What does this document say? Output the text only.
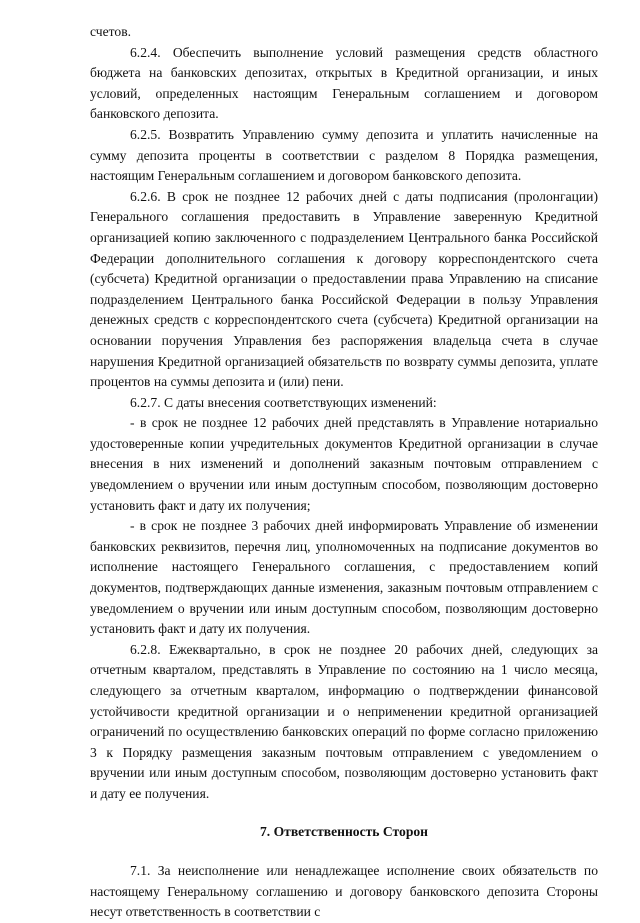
счетов.

6.2.4. Обеспечить выполнение условий размещения средств областного бюджета на банковских депозитах, открытых в Кредитной организации, и иных условий, определенных настоящим Генеральным соглашением и договором банковского депозита.

6.2.5. Возвратить Управлению сумму депозита и уплатить начисленные на сумму депозита проценты в соответствии с разделом 8 Порядка размещения, настоящим Генеральным соглашением и договором банковского депозита.

6.2.6. В срок не позднее 12 рабочих дней с даты подписания (пролонгации) Генерального соглашения предоставить в Управление заверенную Кредитной организацией копию заключенного с подразделением Центрального банка Российской Федерации дополнительного соглашения к договору корреспондентского счета (субсчета) Кредитной организации о предоставлении права Управлению на списание подразделением Центрального банка Российской Федерации в пользу Управления денежных средств с корреспондентского счета (субсчета) Кредитной организации на основании поручения Управления без распоряжения владельца счета в случае нарушения Кредитной организацией обязательств по возврату суммы депозита, уплате процентов на суммы депозита и (или) пени.

6.2.7. С даты внесения соответствующих изменений:

- в срок не позднее 12 рабочих дней представлять в Управление нотариально удостоверенные копии учредительных документов Кредитной организации в случае внесения в них изменений и дополнений заказным почтовым отправлением с уведомлением о вручении или иным доступным способом, позволяющим достоверно установить факт и дату их получения;

- в срок не позднее 3 рабочих дней информировать Управление об изменении банковских реквизитов, перечня лиц, уполномоченных на подписание документов во исполнение настоящего Генерального соглашения, с предоставлением копий документов, подтверждающих данные изменения, заказным почтовым отправлением с уведомлением о вручении или иным доступным способом, позволяющим достоверно установить факт и дату их получения.

6.2.8. Ежеквартально, в срок не позднее 20 рабочих дней, следующих за отчетным кварталом, представлять в Управление по состоянию на 1 число месяца, следующего за отчетным кварталом, информацию о подтверждении финансовой устойчивости кредитной организации и о неприменении кредитной организацией ограничений по осуществлению банковских операций по форме согласно приложению 3 к Порядку размещения заказным почтовым отправлением с уведомлением о вручении или иным доступным способом, позволяющим достоверно установить факт и дату ее получения.

7. Ответственность Сторон

7.1. За неисполнение или ненадлежащее исполнение своих обязательств по настоящему Генеральному соглашению и договору банковского депозита Стороны несут ответственность в соответствии с
